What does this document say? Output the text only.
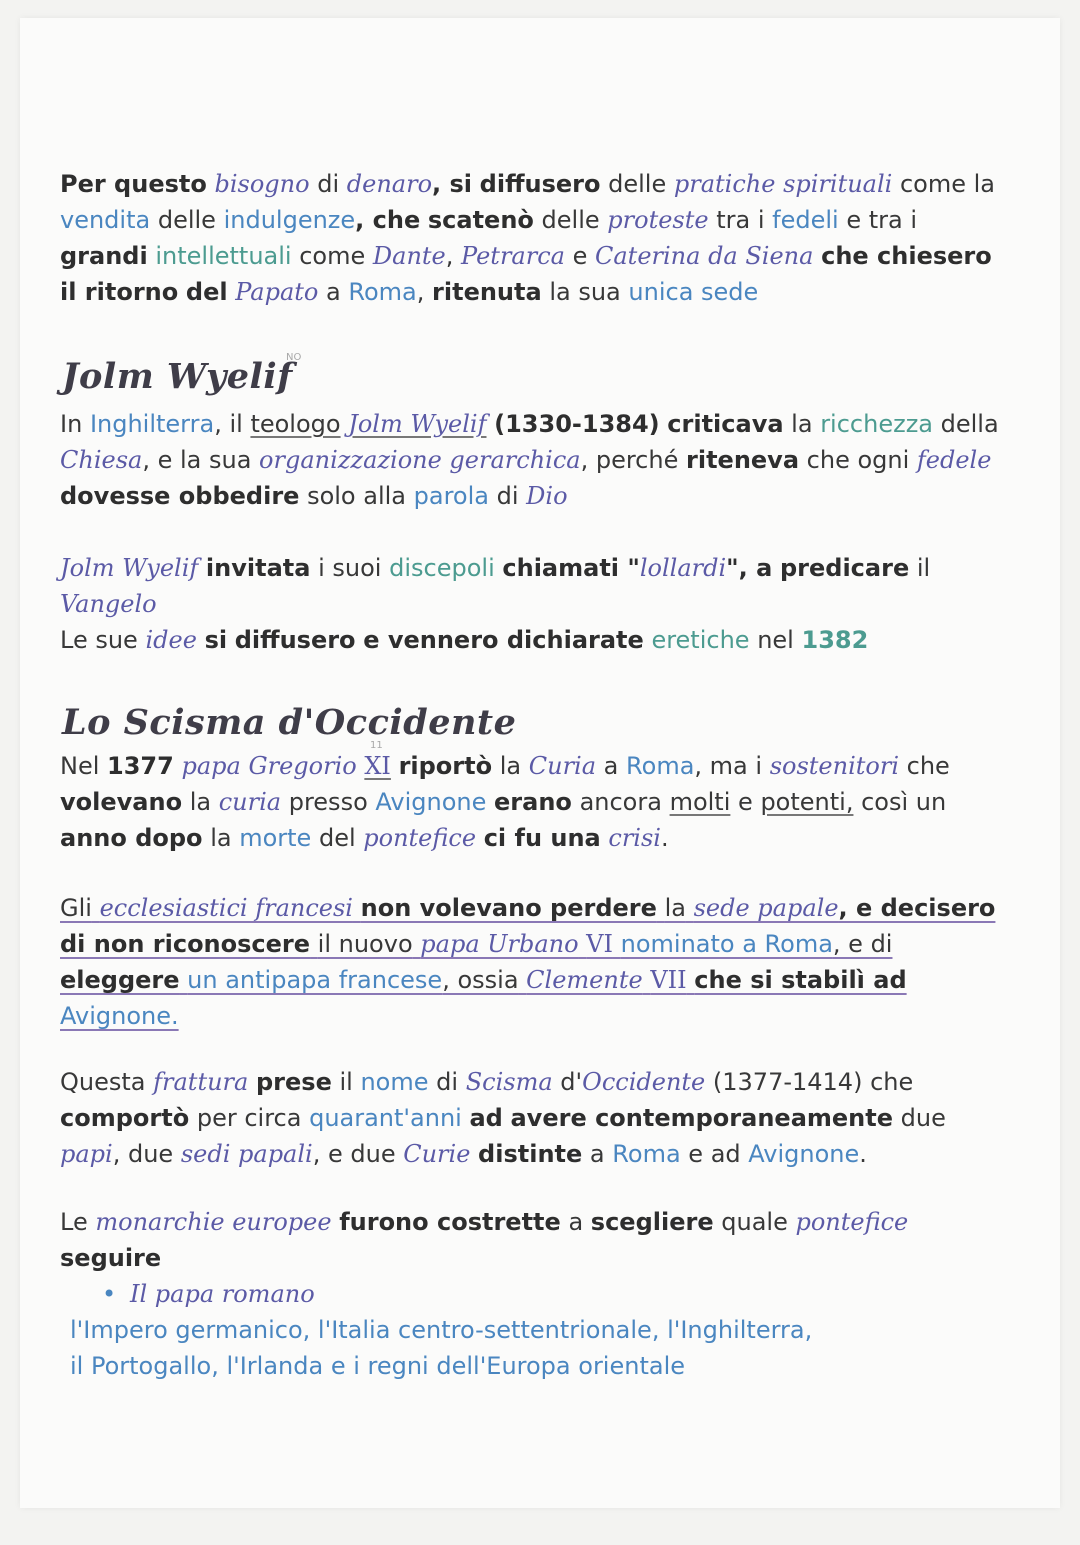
Per questo bisogno di denaro, si diffusero delle pratiche spirituali come la vendita delle indulgenze, che scatenò delle proteste tra i fedeli e tra i grandi intellettuali come Dante, Petrarca e Caterina da Siena che chiesero il ritorno del Papato a Roma, ritenuta la sua unica sede
Jolm Wyelif
NO
In Inghilterra, il teologo Jolm Wyelif (1330-1384) criticava la ricchezza della Chiesa, e la sua organizzazione gerarchica, perché riteneva che ogni fedele dovesse obbedire solo alla parola di Dio
Jolm Wyelif invitata i suoi discepoli chiamati "lollardi", a predicare il Vangelo
Le sue idee si diffusero e vennero dichiarate eretiche nel 1382
Lo Scisma d'Occidente
11
Nel 1377 papa Gregorio XI riportò la Curia a Roma, ma i sostenitori che volevano la curia presso Avignone erano ancora molti e potenti, così un anno dopo la morte del pontefice ci fu una crisi.
Gli ecclesiastici francesi non volevano perdere la sede papale, e decisero di non riconoscere il nuovo papa Urbano VI nominato a Roma, e di eleggere un antipapa francese, ossia Clemente VII che si stabilì ad Avignone.
Questa frattura prese il nome di Scisma d'Occidente (1377-1414) che comportò per circa quarant'anni ad avere contemporaneamente due papi, due sedi papali, e due Curie distinte a Roma e ad Avignone.
Le monarchie europee furono costrette a scegliere quale pontefice seguire
• Il papa romano
l'Impero germanico, l'Italia centro-settentrionale, l'Inghilterra,
il Portogallo, l'Irlanda e i regni dell'Europa orientale
